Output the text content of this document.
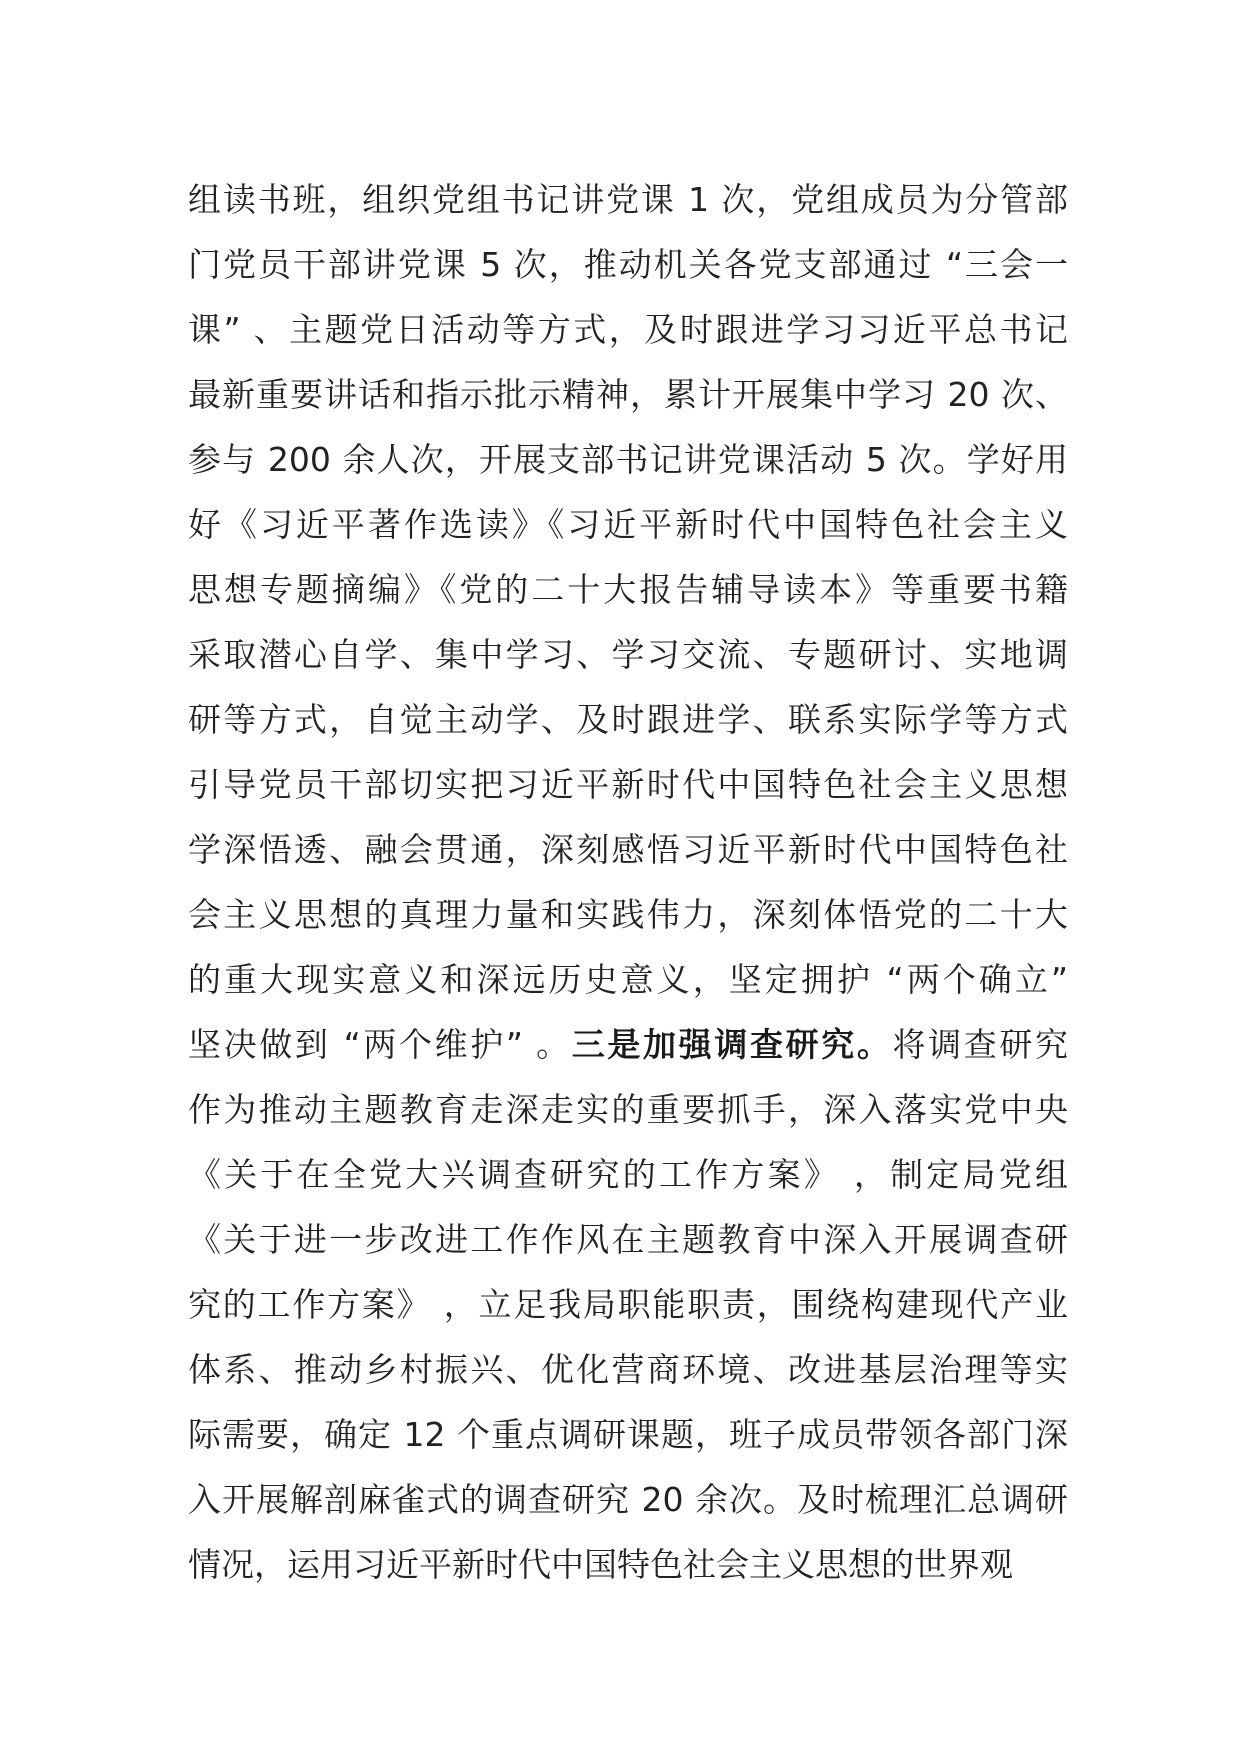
组读书班，组织党组书记讲党课 1 次，党组成员为分管部
门党员干部讲党课 5 次，推动机关各党支部通过 “三会一
课” 、主题党日活动等方式，及时跟进学习习近平总书记
最新重要讲话和指示批示精神，累计开展集中学习 20 次、
参与 200 余人次，开展支部书记讲党课活动 5 次。学好用
好《习近平著作选读》《习近平新时代中国特色社会主义
思想专题摘编》《党的二十大报告辅导读本》等重要书籍
采取潜心自学、集中学习、学习交流、专题研讨、实地调
研等方式，自觉主动学、及时跟进学、联系实际学等方式
引导党员干部切实把习近平新时代中国特色社会主义思想
学深悟透、融会贯通，深刻感悟习近平新时代中国特色社
会主义思想的真理力量和实践伟力，深刻体悟党的二十大
的重大现实意义和深远历史意义，坚定拥护 “两个确立”
坚决做到 “两个维护” 。三是加强调查研究。将调查研究
作为推动主题教育走深走实的重要抓手，深入落实党中央
《关于在全党大兴调查研究的工作方案》 ，制定局党组
《关于进一步改进工作作风在主题教育中深入开展调查研
究的工作方案》 ，立足我局职能职责，围绕构建现代产业
体系、推动乡村振兴、优化营商环境、改进基层治理等实
际需要，确定 12 个重点调研课题，班子成员带领各部门深
入开展解剖麻雀式的调查研究 20 余次。及时梳理汇总调研
情况，运用习近平新时代中国特色社会主义思想的世界观
